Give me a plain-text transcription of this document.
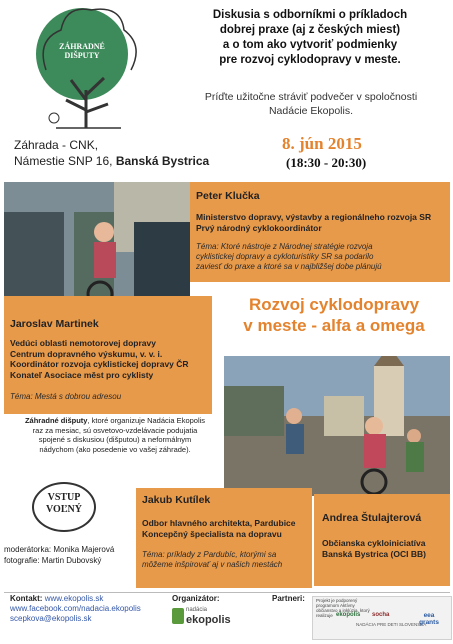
ZÁHRADNÉ
DIŠPUTY
Diskusia s odborníkmi o príkladoch
dobrej praxe (aj z českých miest)
a o tom ako vytvoriť podmienky
pre rozvoj cyklodopravy v meste.
Príďte užitočne stráviť podvečer v spoločnosti
Nadácie Ekopolis.
Záhrada - CNK,
Námestie SNP 16, Banská Bystrica
8. jún 2015
(18:30 - 20:30)
Peter Klučka
Ministerstvo dopravy, výstavby a regionálneho rozvoja SR
Prvý národný cyklokoordinátor
Téma: Ktoré nástroje z Národnej stratégie rozvoja
cyklistickej dopravy a cykloturistiky SR sa podarilo
zaviesť do praxe a ktoré sa v najbližšej dobe plánujú
Jaroslav Martinek
Vedúci oblasti nemotorovej dopravy
Centrum dopravného výskumu, v. v. i.
Koordinátor rozvoja cyklistickej dopravy ČR
Konateľ Asociace měst pro cyklisty
Téma: Mestá s dobrou adresou
Rozvoj cyklodopravy
v meste - alfa a omega
Záhradné dišputy, ktoré organizuje Nadácia Ekopolis
raz za mesiac, sú osvetovo-vzdelávacie podujatia
spojené s diskusiou (dišputou) a neformálnym
nádychom (ako posedenie vo vašej záhrade).
VSTUP
VOĽNÝ
moderátorka: Monika Majerová
fotografie: Martin Dubovský
Jakub Kutílek
Odbor hlavného architekta, Pardubice
Koncepčný špecialista na dopravu
Téma: príklady z Pardubíc, ktorými sa
môžeme inšpirovať aj v našich mestách
Andrea Štulajterová
Občianska cykloiniciatíva
Banská Bystrica (OCI BB)
Kontakt: www.ekopolis.sk
www.facebook.com/nadacia.ekopolis
scepkova@ekopolis.sk
Organizátor:
nadácia
ekopolis
Partneri: Projekt je podporený programom Aktívny občianstvo a inklúzia, ktorý realizuje ekopolis socha
NADÁCIA PRE DETI SLOVENSKA
eea grants
